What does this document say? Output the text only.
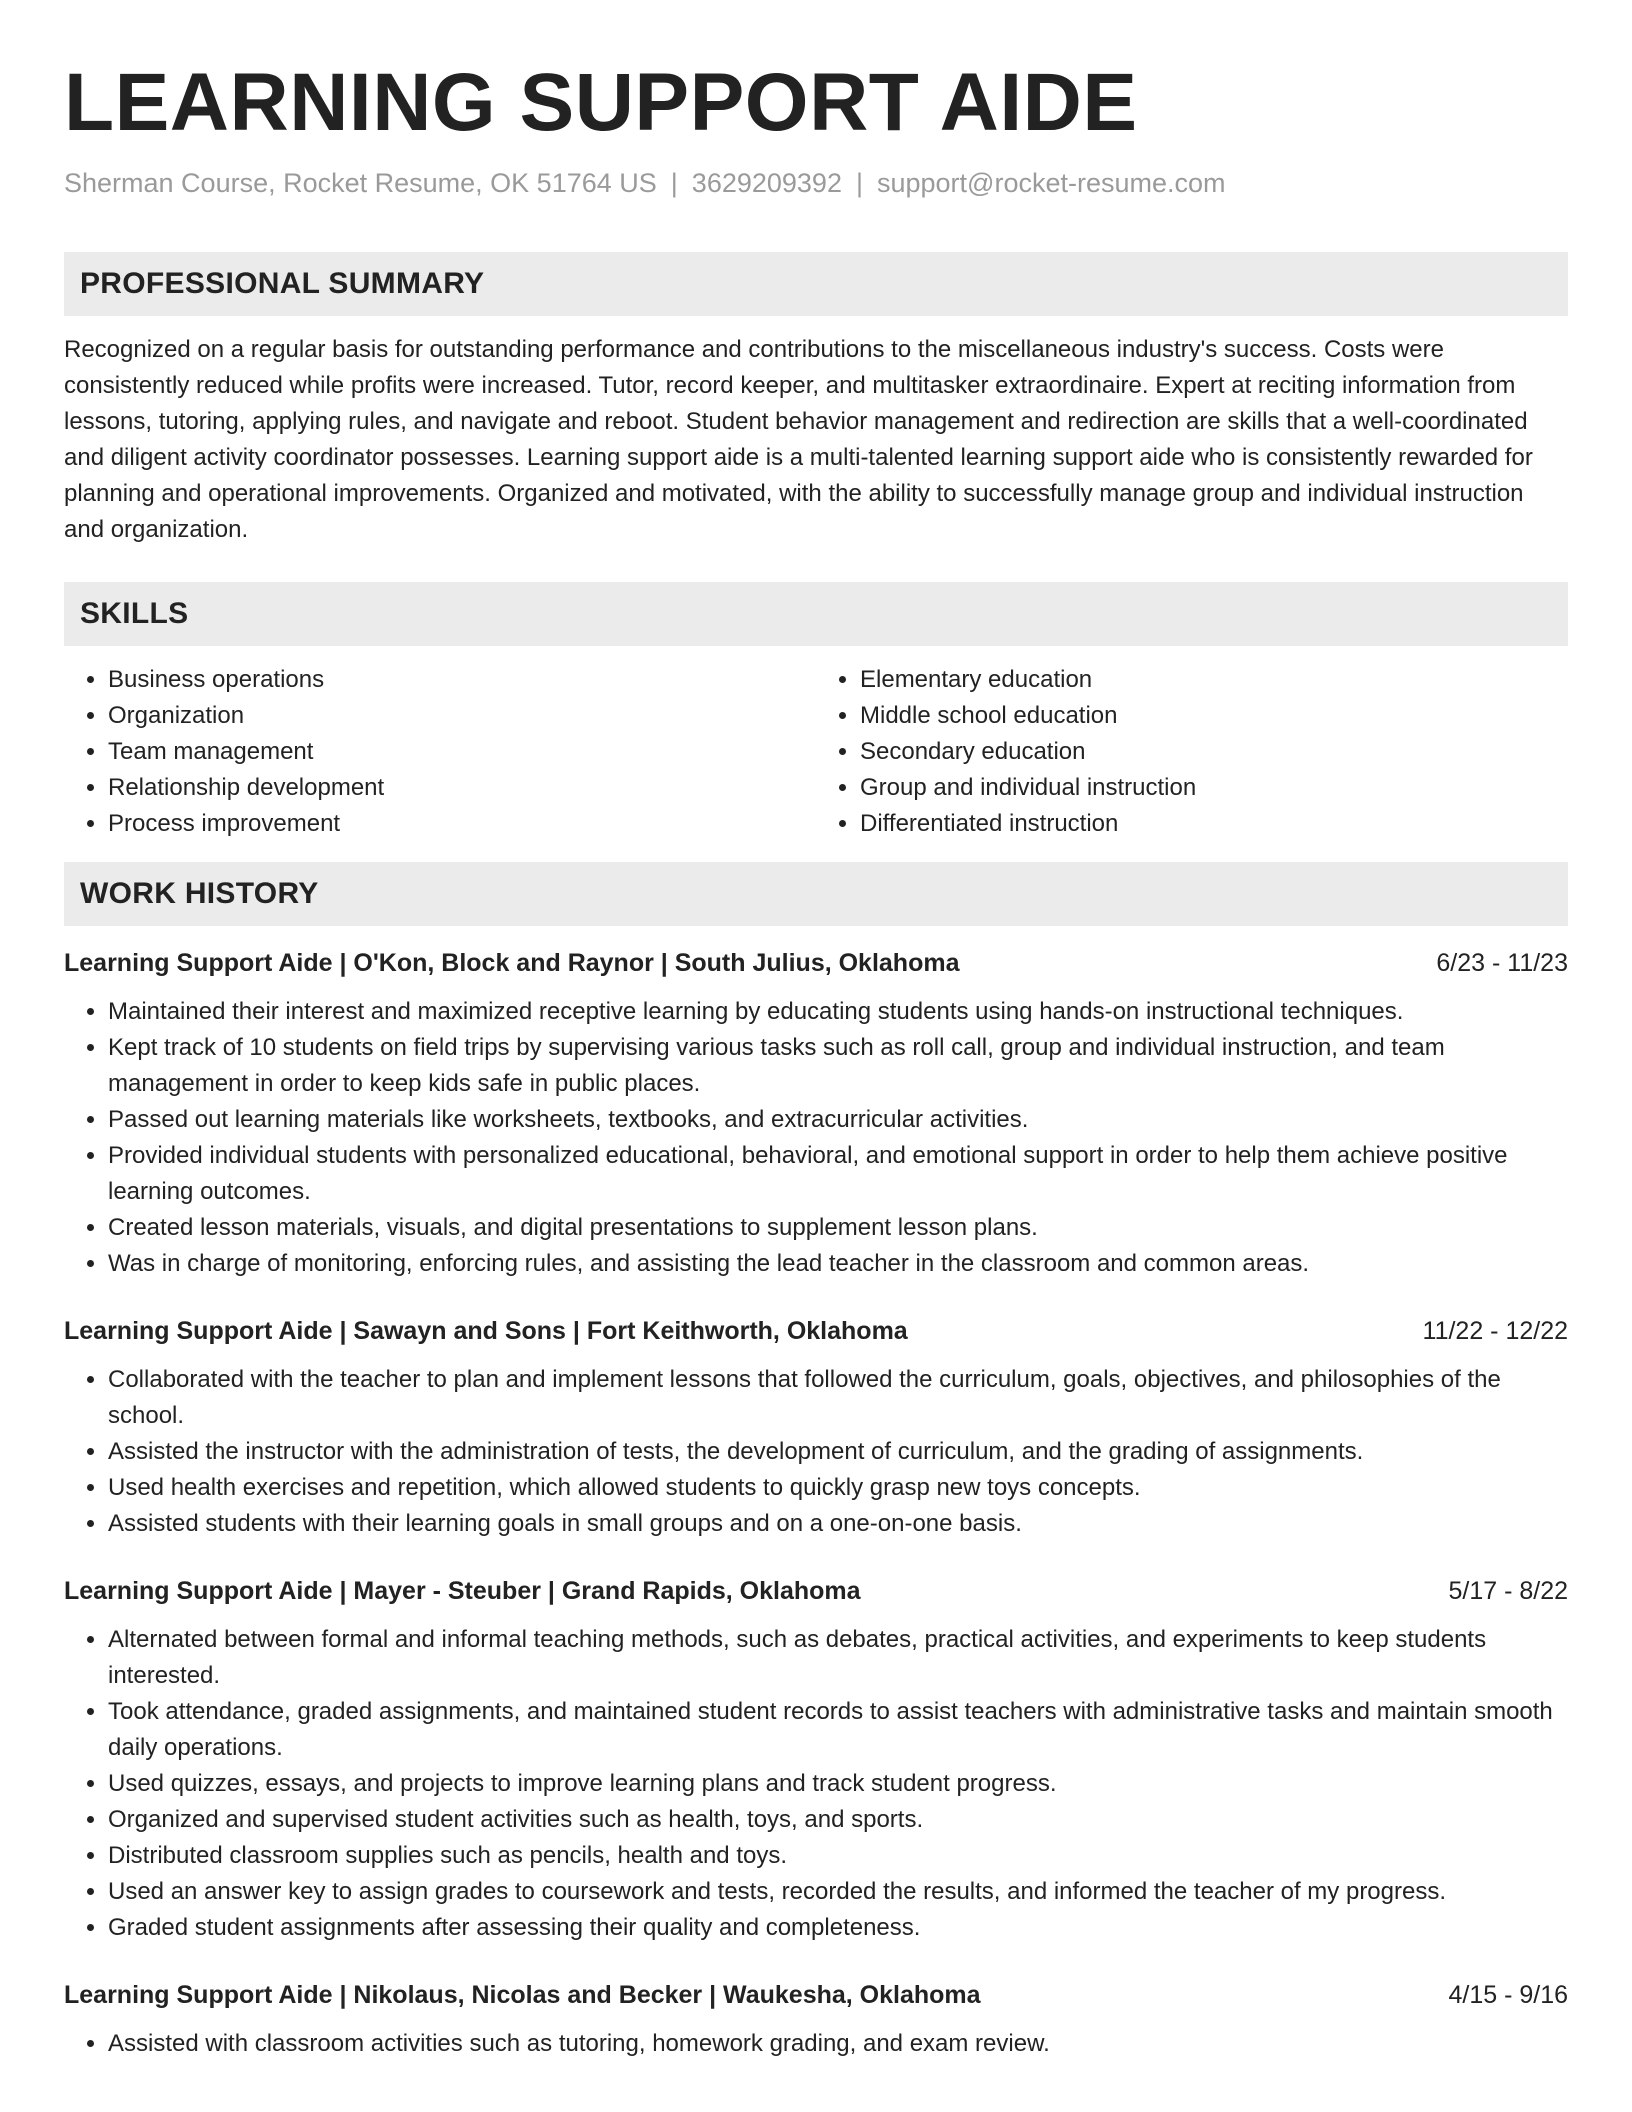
LEARNING SUPPORT AIDE
Sherman Course, Rocket Resume, OK 51764 US | 3629209392 | support@rocket-resume.com
PROFESSIONAL SUMMARY
Recognized on a regular basis for outstanding performance and contributions to the miscellaneous industry's success. Costs were consistently reduced while profits were increased. Tutor, record keeper, and multitasker extraordinaire. Expert at reciting information from lessons, tutoring, applying rules, and navigate and reboot. Student behavior management and redirection are skills that a well-coordinated and diligent activity coordinator possesses. Learning support aide is a multi-talented learning support aide who is consistently rewarded for planning and operational improvements. Organized and motivated, with the ability to successfully manage group and individual instruction and organization.
SKILLS
• Business operations
• Organization
• Team management
• Relationship development
• Process improvement
• Elementary education
• Middle school education
• Secondary education
• Group and individual instruction
• Differentiated instruction
WORK HISTORY
Learning Support Aide | O'Kon, Block and Raynor | South Julius, Oklahoma	6/23 - 11/23
• Maintained their interest and maximized receptive learning by educating students using hands-on instructional techniques.
• Kept track of 10 students on field trips by supervising various tasks such as roll call, group and individual instruction, and team management in order to keep kids safe in public places.
• Passed out learning materials like worksheets, textbooks, and extracurricular activities.
• Provided individual students with personalized educational, behavioral, and emotional support in order to help them achieve positive learning outcomes.
• Created lesson materials, visuals, and digital presentations to supplement lesson plans.
• Was in charge of monitoring, enforcing rules, and assisting the lead teacher in the classroom and common areas.
Learning Support Aide | Sawayn and Sons | Fort Keithworth, Oklahoma	11/22 - 12/22
• Collaborated with the teacher to plan and implement lessons that followed the curriculum, goals, objectives, and philosophies of the school.
• Assisted the instructor with the administration of tests, the development of curriculum, and the grading of assignments.
• Used health exercises and repetition, which allowed students to quickly grasp new toys concepts.
• Assisted students with their learning goals in small groups and on a one-on-one basis.
Learning Support Aide | Mayer - Steuber | Grand Rapids, Oklahoma	5/17 - 8/22
• Alternated between formal and informal teaching methods, such as debates, practical activities, and experiments to keep students interested.
• Took attendance, graded assignments, and maintained student records to assist teachers with administrative tasks and maintain smooth daily operations.
• Used quizzes, essays, and projects to improve learning plans and track student progress.
• Organized and supervised student activities such as health, toys, and sports.
• Distributed classroom supplies such as pencils, health and toys.
• Used an answer key to assign grades to coursework and tests, recorded the results, and informed the teacher of my progress.
• Graded student assignments after assessing their quality and completeness.
Learning Support Aide | Nikolaus, Nicolas and Becker | Waukesha, Oklahoma	4/15 - 9/16
• Assisted with classroom activities such as tutoring, homework grading, and exam review.
